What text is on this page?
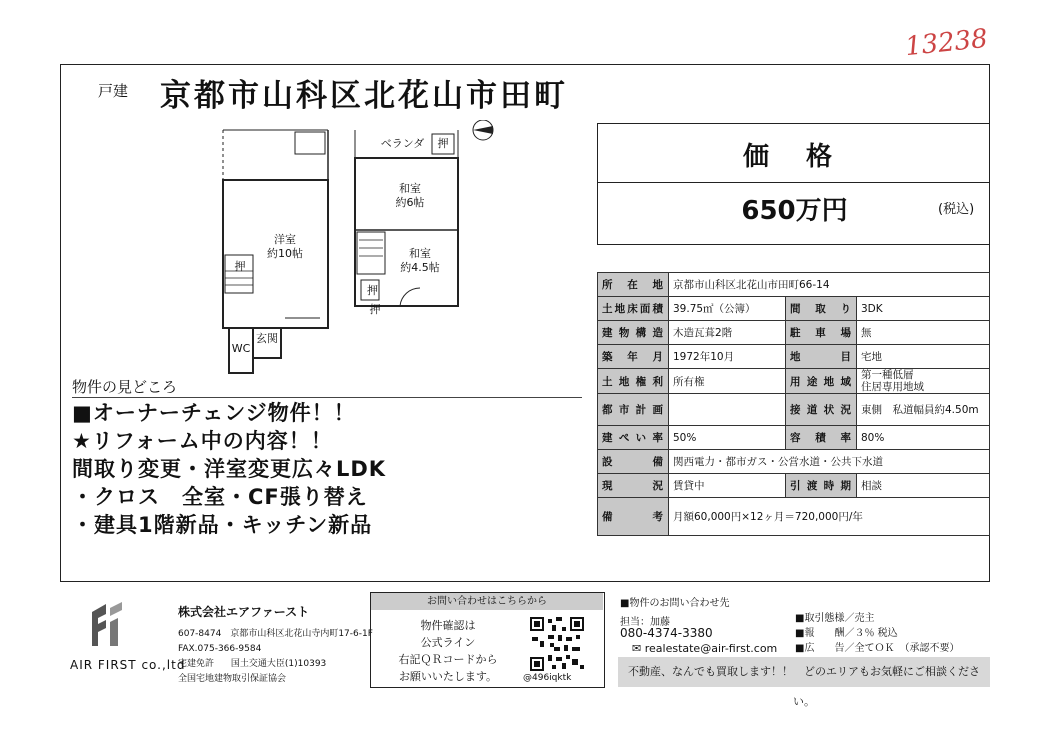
13238
戸建 京都市山科区北花山市田町
押
ベランダ
押
和室
約6帖
洋室
約10帖
押
和室
約4.5帖
押
WC
玄関
価 格
650万円	(税込)
所在地	京都市山科区北花山市田町66-14		
土地床面積	39.75㎡（公簿）	間取り	3DK
建物構造	木造瓦葺2階	駐車場	無
築年月	1972年10月	地目	宅地
土地権利	所有権	用途地域	第一種低層
住居専用地域
都市計画		接道状況	東側　私道幅員約4.50m
建ぺい率	50%	容積率	80%
設備	関西電力・都市ガス・公営水道・公共下水道		
現況	賃貸中	引渡時期	相談
備考	月額60,000円×12ヶ月＝720,000円/年		
物件の見どころ
■オーナーチェンジ物件！！
★リフォーム中の内容！！
間取り変更・洋室変更広々LDK
・クロス　全室・CF張り替え
・建具1階新品・キッチン新品
AIR FIRST co.,ltd
株式会社エアファースト
607-8474　京都市山科区北花山寺内町17-6-1F
FAX.075-366-9584
宅建免許 国土交通大臣(1)10393
全国宅地建物取引保証協会
お問い合わせはこちらから
物件確認は
公式ライン
右記ＱＲコードから
お願いいたします。	@496iqktk
■物件のお問い合わせ先
担当：加藤
080-4374-3380
✉ realestate@air-first.com
■取引態様／売主
■報　　酬／３％ 税込
■広　　告／全てＯＫ　（承認不要）
不動産、なんでも買取します！！　どのエリアもお気軽にご相談ください。
